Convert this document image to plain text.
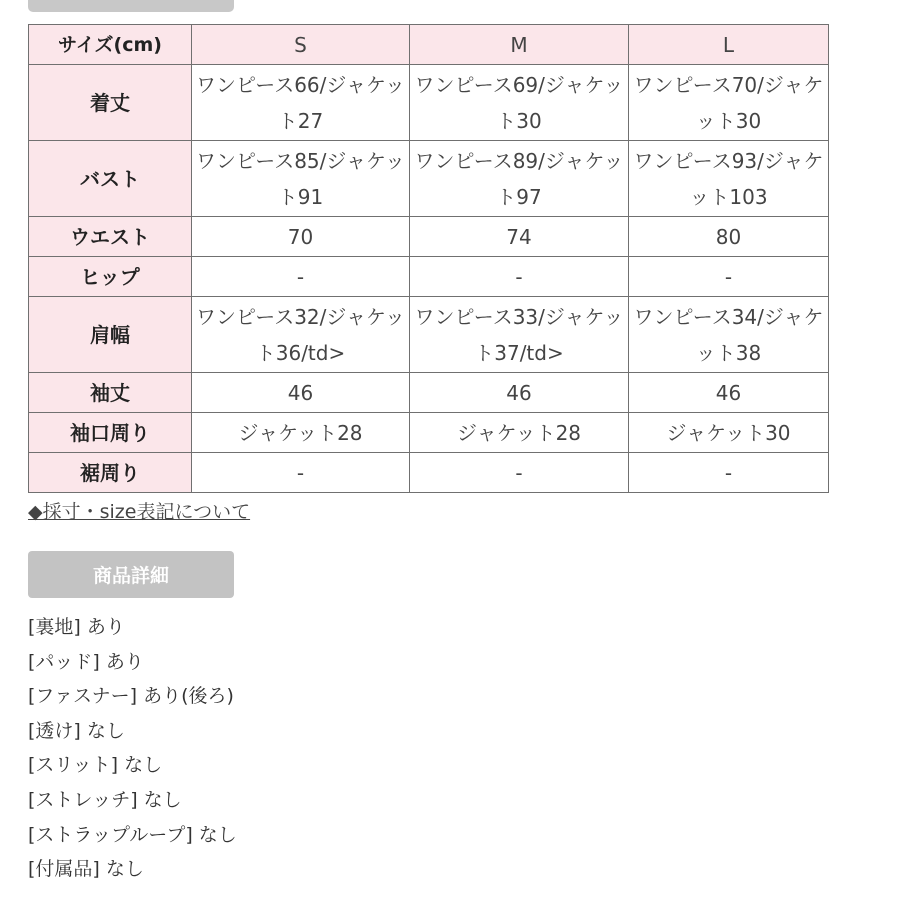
サイズ(cm)	S	M	L
着丈	ワンピース66/ジャケット27	ワンピース69/ジャケット30	ワンピース70/ジャケット30

バスト	ワンピース85/ジャケット91	ワンピース89/ジャケット97	ワンピース93/ジャケット103

ウエスト	70	74	80
ヒップ	-	-	-
肩幅	ワンピース32/ジャケット36/td>	ワンピース33/ジャケット37/td>	ワンピース34/ジャケット38

袖丈	46	46	46
袖口周り	ジャケット28	ジャケット28	ジャケット30
裾周り	-	-	-
◆採寸・size表記について
商品詳細
[裏地] あり
[パッド] あり
[ファスナー] あり(後ろ)
[透け] なし
[スリット] なし
[ストレッチ] なし
[ストラップループ] なし
[付属品] なし
